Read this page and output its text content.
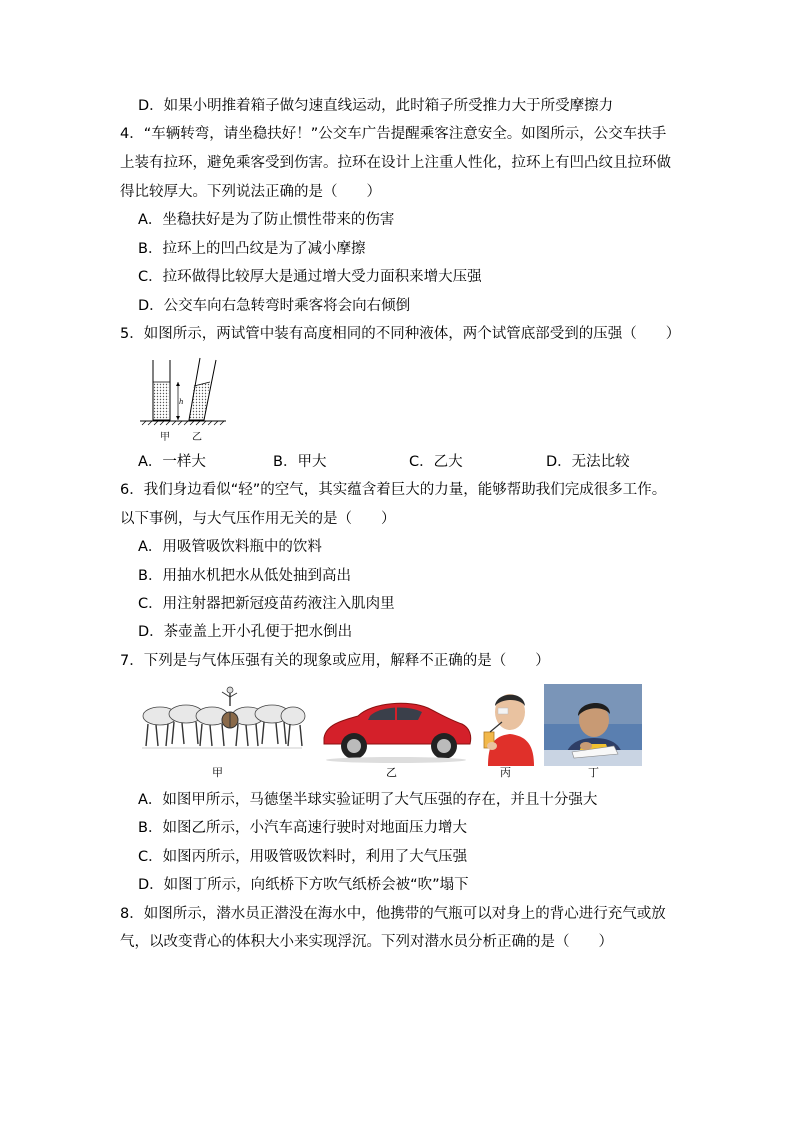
D．如果小明推着箱子做匀速直线运动，此时箱子所受推力大于所受摩擦力
4．“车辆转弯，请坐稳扶好！”公交车广告提醒乘客注意安全。如图所示，公交车扶手
上装有拉环，避免乘客受到伤害。拉环在设计上注重人性化，拉环上有凹凸纹且拉环做
得比较厚大。下列说法正确的是（　　）
A．坐稳扶好是为了防止惯性带来的伤害
B．拉环上的凹凸纹是为了减小摩擦
C．拉环做得比较厚大是通过增大受力面积来增大压强
D．公交车向右急转弯时乘客将会向右倾倒
5．如图所示，两试管中装有高度相同的不同种液体，两个试管底部受到的压强（　　）
h
甲 乙
A．一样大	B．甲大	C．乙大	D．无法比较
6．我们身边看似“轻”的空气，其实蕴含着巨大的力量，能够帮助我们完成很多工作。
以下事例，与大气压作用无关的是（　　）
A．用吸管吸饮料瓶中的饮料
B．用抽水机把水从低处抽到高出
C．用注射器把新冠疫苗药液注入肌肉里
D．茶壶盖上开小孔便于把水倒出
7．下列是与气体压强有关的现象或应用，解释不正确的是（　　）
甲	乙	丙	丁
A．如图甲所示，马德堡半球实验证明了大气压强的存在，并且十分强大
B．如图乙所示，小汽车高速行驶时对地面压力增大
C．如图丙所示，用吸管吸饮料时，利用了大气压强
D．如图丁所示，向纸桥下方吹气纸桥会被“吹”塌下
8．如图所示，潜水员正潜没在海水中，他携带的气瓶可以对身上的背心进行充气或放
气，以改变背心的体积大小来实现浮沉。下列对潜水员分析正确的是（　　）
